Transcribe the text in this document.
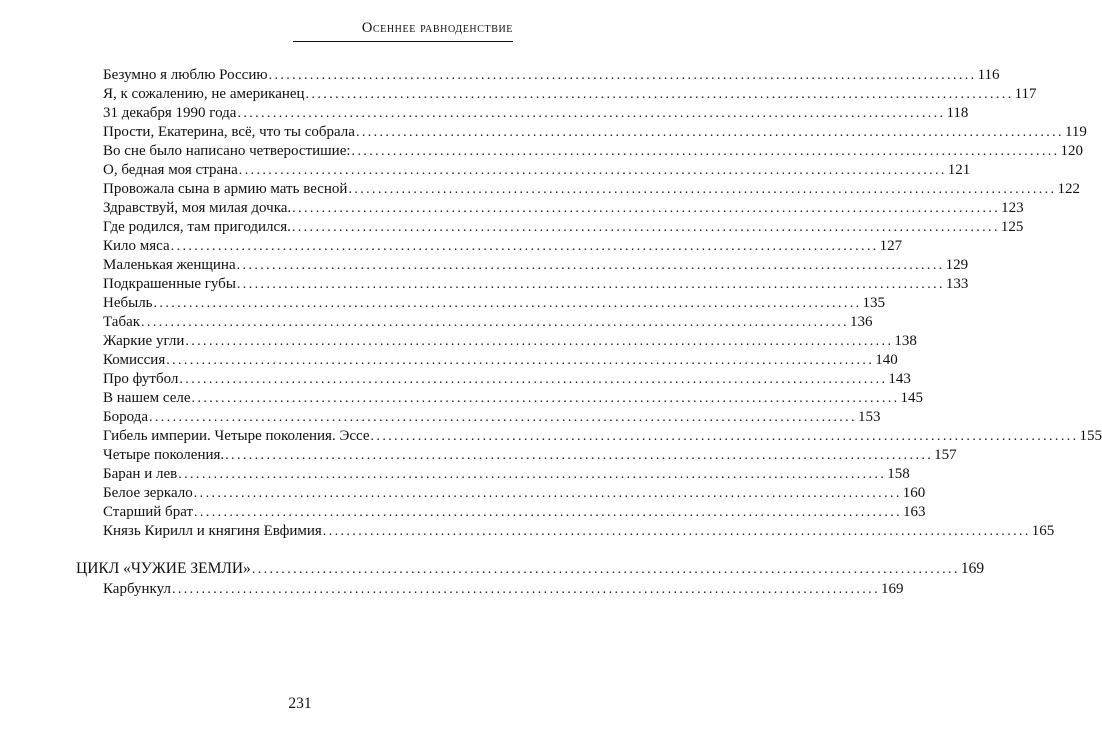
Осеннее равноденствие
Безумно я люблю Россию ........................................................................................................................ 116
Я, к сожалению, не американец ........................................................................................................................ 117
31 декабря 1990 года ........................................................................................................................ 118
Прости, Екатерина, всё, что ты собрала ........................................................................................................................ 119
Во сне было написано четверостишие: ........................................................................................................................ 120
О, бедная моя страна ........................................................................................................................ 121
Провожала сына в армию мать весной ........................................................................................................................ 122
Здравствуй, моя милая дочка. ........................................................................................................................ 123
Где родился, там пригодился. ........................................................................................................................ 125
Кило мяса ........................................................................................................................ 127
Маленькая женщина ........................................................................................................................ 129
Подкрашенные губы ........................................................................................................................ 133
Небыль ........................................................................................................................ 135
Табак ........................................................................................................................ 136
Жаркие угли ........................................................................................................................ 138
Комиссия ........................................................................................................................ 140
Про футбол ........................................................................................................................ 143
В нашем селе ........................................................................................................................ 145
Борода ........................................................................................................................ 153
Гибель империи. Четыре поколения. Эссе ........................................................................................................................ 155
Четыре поколения. ........................................................................................................................ 157
Баран и лев ........................................................................................................................ 158
Белое зеркало ........................................................................................................................ 160
Старший брат ........................................................................................................................ 163
Князь Кирилл и княгиня Евфимия ........................................................................................................................ 165
ЦИКЛ «ЧУЖИЕ ЗЕМЛИ» ........................................................................................................................ 169
Карбункул ........................................................................................................................ 169
231
